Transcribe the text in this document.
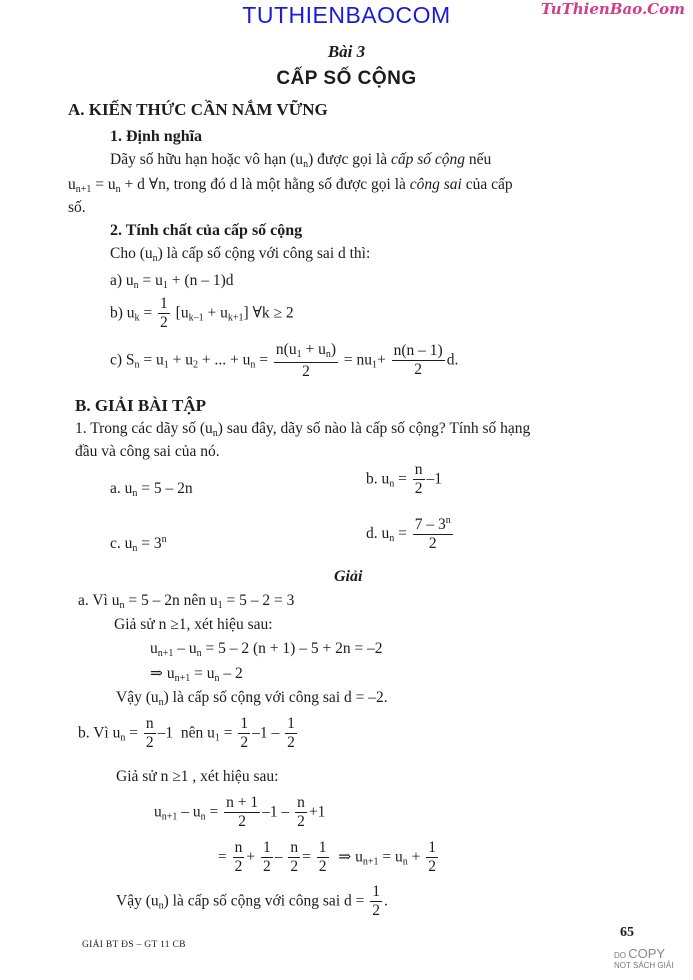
TUTHIENBAOCOM	TuThienBao.Com
Bài 3
CẤP SỐ CỘNG
A. KIẾN THỨC CẦN NẮM VỮNG
1. Định nghĩa
Dãy số hữu hạn hoặc vô hạn $(u_n)$ được gọi là cấp số cộng nếu
$u_{n+1} = u_n + d$ ∀n, trong đó d là một hằng số được gọi là công sai của cấp
số.
2. Tính chất của cấp số cộng
Cho $(u_n)$ là cấp số cộng với công sai d thì:
a) $u_n = u_1 + (n - 1)d$
b) $u_k = \frac{1}{2} [u_{k-1} + u_{k+1}]$ ∀k ≥ 2
c) $S_n = u_1 + u_2$ + ... + $u_n = \frac{n(u_1 + u_n)}{2} = nu_1+ \frac{n(n - 1)}{2} d$.
B. GIẢI BÀI TẬP
1. Trong các dãy số $(u_n)$ sau đây, dãy số nào là cấp số cộng? Tính số hạng
đầu và công sai của nó.
a. $u_n = 5 - 2n$
b. $u_n = \frac{n}{2} -1$
c. $u_n = 3^n$	d. $u_n = \frac{7 - 3^n}{2}$
Giải
a. Vì $u_n = 5 - 2n$ nên $u_1 = 5 - 2 = 3$
Giả sử n ≥1, xét hiệu sau:
$u_{n+1} - u_n = 5 - 2$ (n + 1) – 5 + 2n = –2
⇒ $u_{n+1} = u_n - 2$
Vậy $(u_n)$ là cấp số cộng với công sai d = –2.
b. Vì $u_n = \frac{n}{2} -1$ nên $u_1 = \frac{1}{2} -1 - \frac{1}{2}$
Giả sử n ≥1 , xét hiệu sau:
$u_{n+1} - u_n = \frac{n + 1}{2} -1 - \frac{n}{2} +1$
= $\frac{n}{2} + \frac{1}{2} - \frac{n}{2} = \frac{1}{2}$ ⇒ $u_{n+1} = u_n + \frac{1}{2}$
Vậy $(u_n)$ là cấp số cộng với công sai $d = \frac{1}{2}$ .
65
GIẢI BT ĐS – GT 11 CB
DO COPY
NOT SÁCH GIẢI
